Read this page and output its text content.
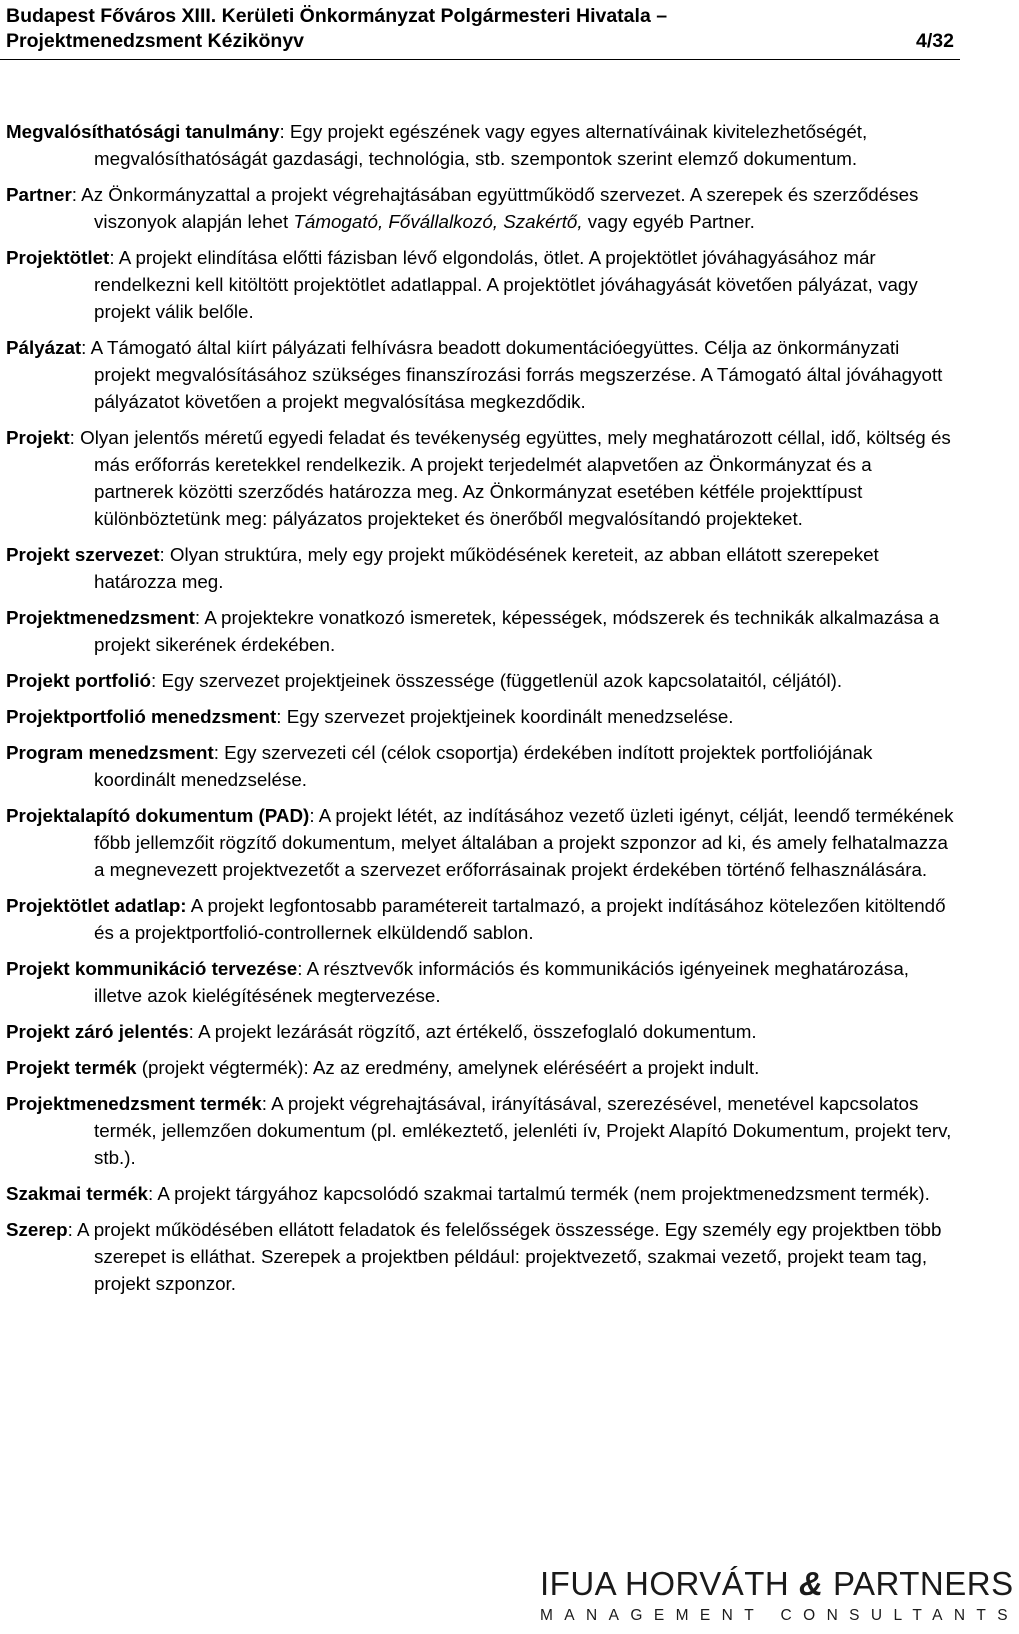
Budapest Főváros XIII. Kerületi Önkormányzat Polgármesteri Hivatala –
Projektmenedzsment Kézikönyv	4/32

Megvalósíthatósági tanulmány: Egy projekt egészének vagy egyes alternatíváinak kivitelezhetőségét, megvalósíthatóságát gazdasági, technológia, stb. szempontok szerint elemző dokumentum.

Partner: Az Önkormányzattal a projekt végrehajtásában együttműködő szervezet. A szerepek és szerződéses viszonyok alapján lehet Támogató, Fővállalkozó, Szakértő, vagy egyéb Partner.

Projektötlet: A projekt elindítása előtti fázisban lévő elgondolás, ötlet. A projektötlet jóváhagyásához már rendelkezni kell kitöltött projektötlet adatlappal. A projektötlet jóváhagyását követően pályázat, vagy projekt válik belőle.

Pályázat: A Támogató által kiírt pályázati felhívásra beadott dokumentációegyüttes. Célja az önkormányzati projekt megvalósításához szükséges finanszírozási forrás megszerzése. A Támogató által jóváhagyott pályázatot követően a projekt megvalósítása megkezdődik.

Projekt: Olyan jelentős méretű egyedi feladat és tevékenység együttes, mely meghatározott céllal, idő, költség és más erőforrás keretekkel rendelkezik. A projekt terjedelmét alapvetően az Önkormányzat és a partnerek közötti szerződés határozza meg. Az Önkormányzat esetében kétféle projekttípust különböztetünk meg: pályázatos projekteket és önerőből megvalósítandó projekteket.

Projekt szervezet: Olyan struktúra, mely egy projekt működésének kereteit, az abban ellátott szerepeket határozza meg.

Projektmenedzsment: A projektekre vonatkozó ismeretek, képességek, módszerek és technikák alkalmazása a projekt sikerének érdekében.

Projekt portfolió: Egy szervezet projektjeinek összessége (függetlenül azok kapcsolataitól, céljától).

Projektportfolió menedzsment: Egy szervezet projektjeinek koordinált menedzselése.

Program menedzsment: Egy szervezeti cél (célok csoportja) érdekében indított projektek portfoliójának koordinált menedzselése.

Projektalapító dokumentum (PAD): A projekt létét, az indításához vezető üzleti igényt, célját, leendő termékének főbb jellemzőit rögzítő dokumentum, melyet általában a projekt szponzor ad ki, és amely felhatalmazza a megnevezett projektvezetőt a szervezet erőforrásainak projekt érdekében történő felhasználására.

Projektötlet adatlap: A projekt legfontosabb paramétereit tartalmazó, a projekt indításához kötelezően kitöltendő és a projektportfolió-controllernek elküldendő sablon.

Projekt kommunikáció tervezése: A résztvevők információs és kommunikációs igényeinek meghatározása, illetve azok kielégítésének megtervezése.

Projekt záró jelentés: A projekt lezárását rögzítő, azt értékelő, összefoglaló dokumentum.

Projekt termék (projekt végtermék): Az az eredmény, amelynek eléréséért a projekt indult.

Projektmenedzsment termék: A projekt végrehajtásával, irányításával, szerezésével, menetével kapcsolatos termék, jellemzően dokumentum (pl. emlékeztető, jelenléti ív, Projekt Alapító Dokumentum, projekt terv, stb.).

Szakmai termék: A projekt tárgyához kapcsolódó szakmai tartalmú termék (nem projektmenedzsment termék).

Szerep: A projekt működésében ellátott feladatok és felelősségek összessége. Egy személy egy projektben több szerepet is elláthat. Szerepek a projektben például: projektvezető, szakmai vezető, projekt team tag, projekt szponzor.

IFUA HORVÁTH & PARTNERS
MANAGEMENT CONSULTANTS
